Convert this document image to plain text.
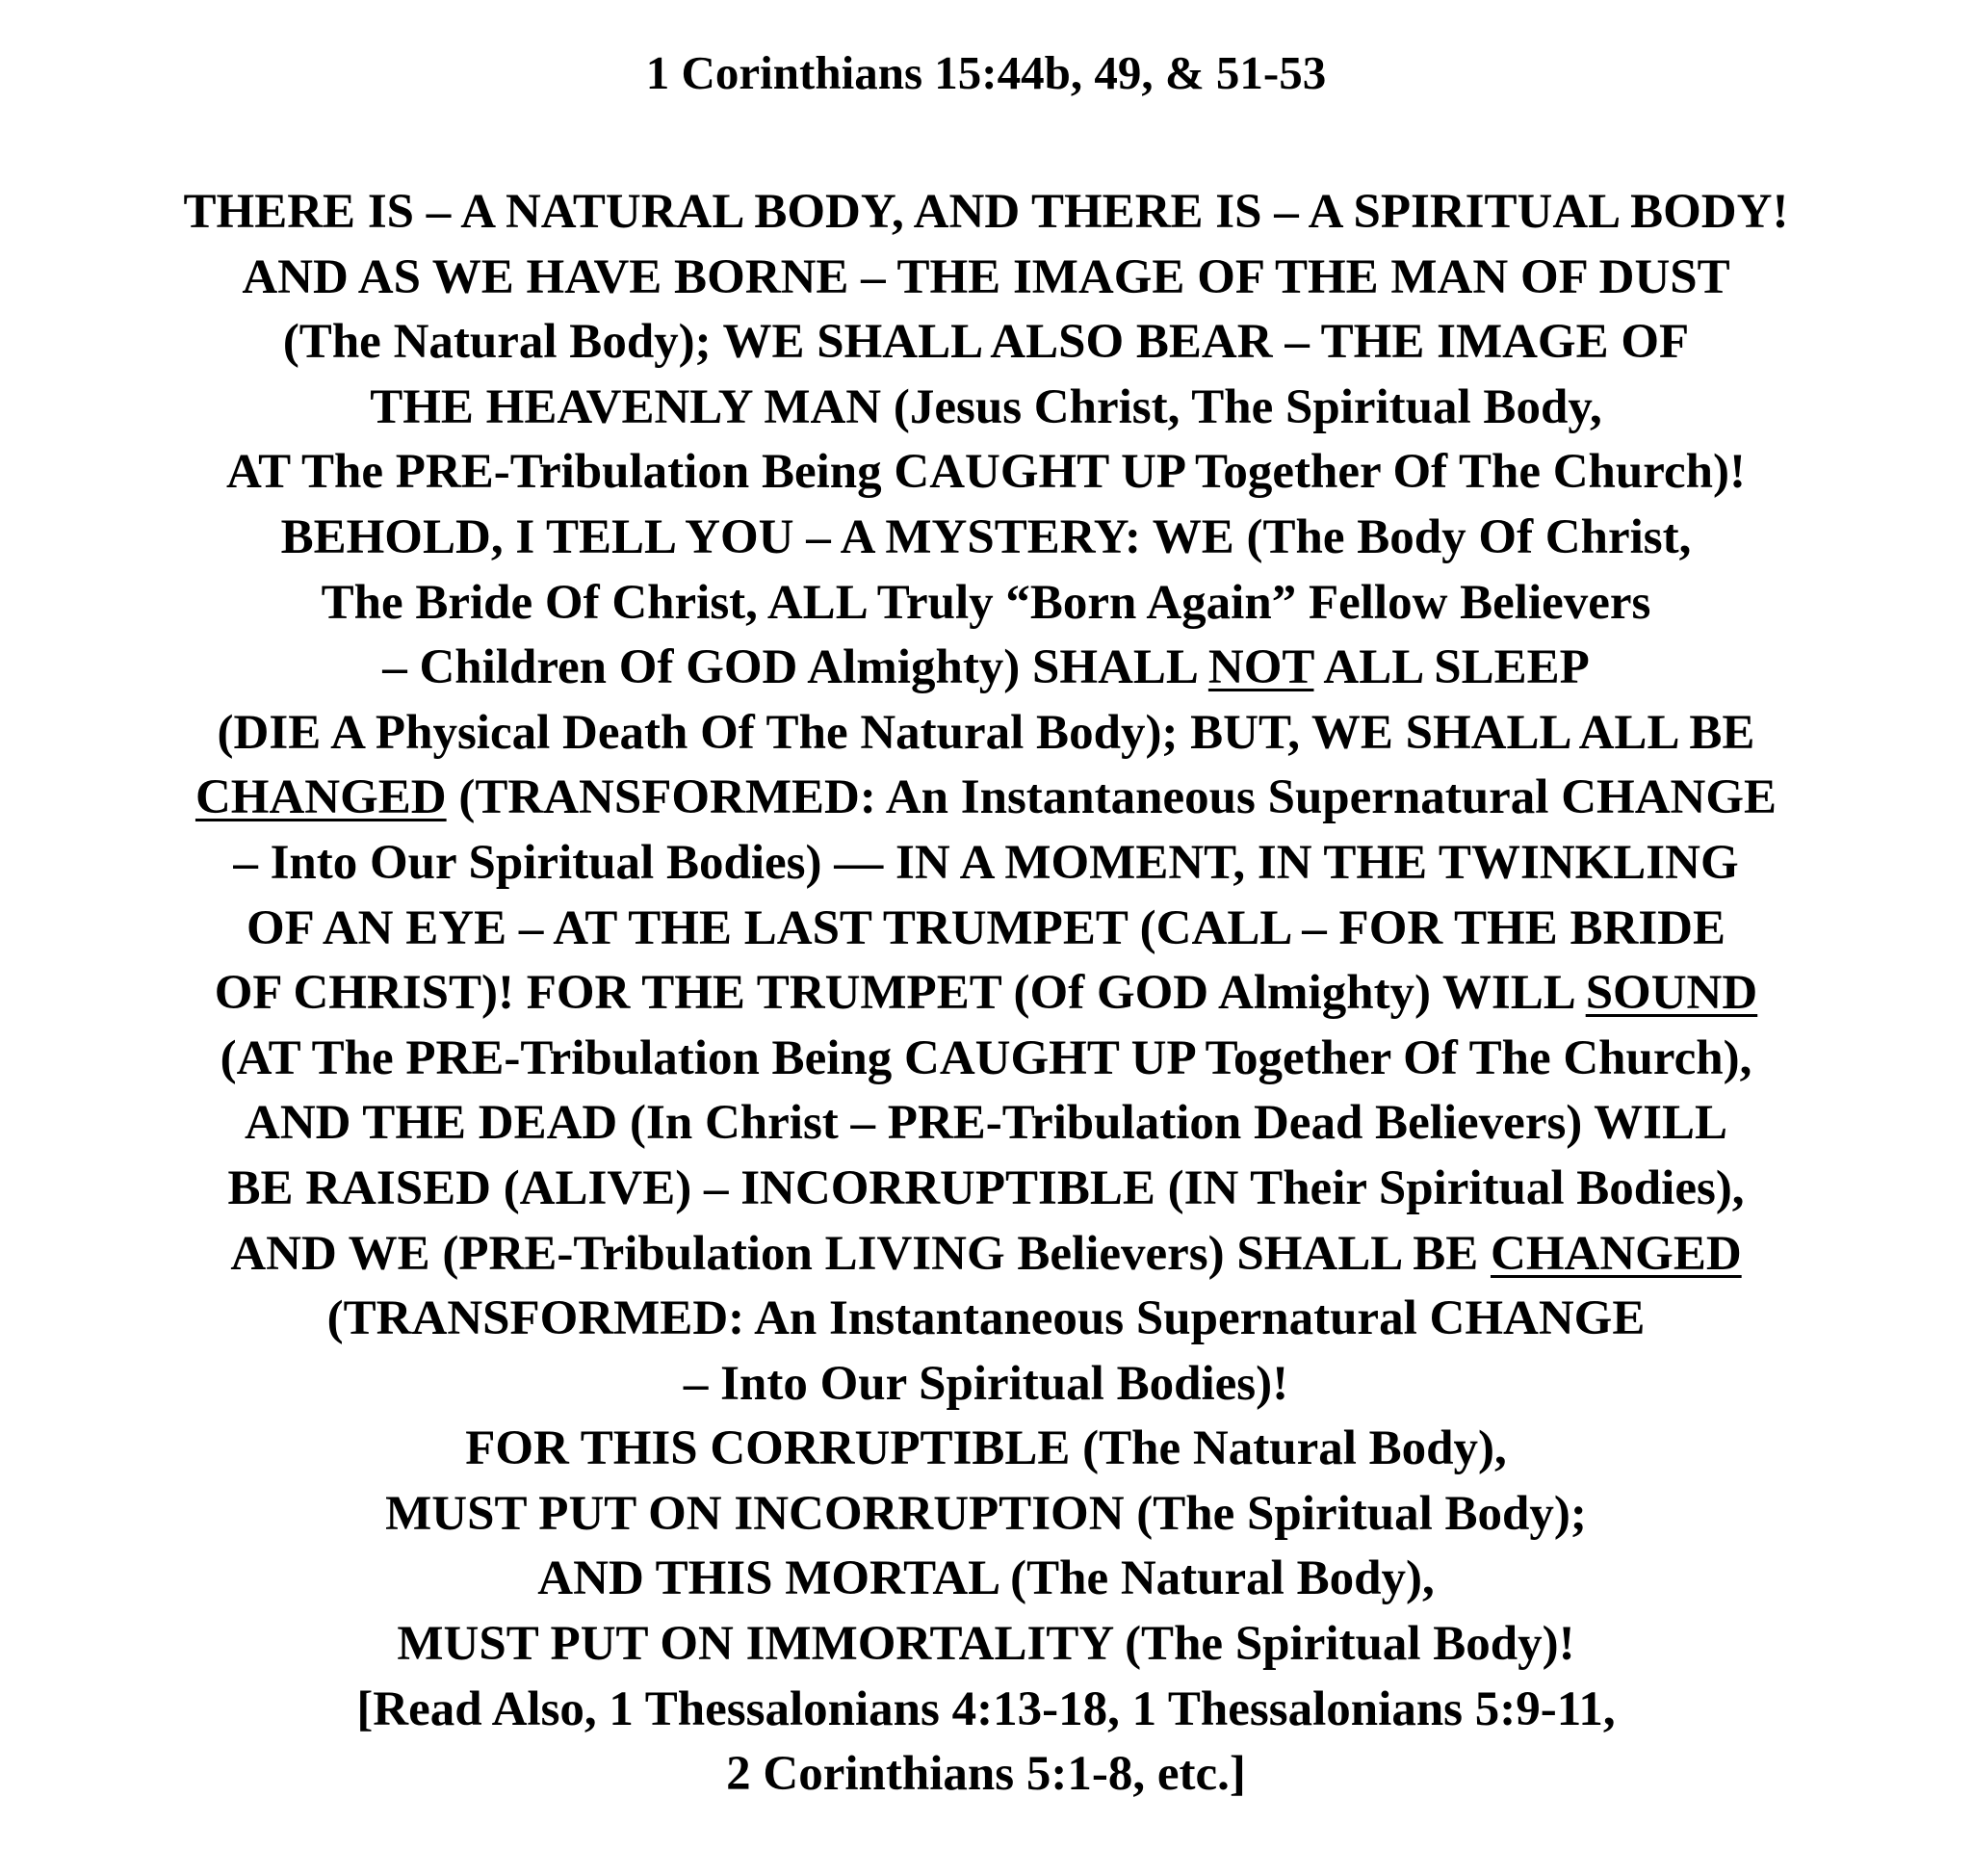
1 Corinthians 15:44b, 49, & 51-53
THERE IS – A NATURAL BODY, AND THERE IS – A SPIRITUAL BODY!
AND AS WE HAVE BORNE – THE IMAGE OF THE MAN OF DUST
(The Natural Body); WE SHALL ALSO BEAR – THE IMAGE OF
THE HEAVENLY MAN (Jesus Christ, The Spiritual Body,
AT The PRE-Tribulation Being CAUGHT UP Together Of The Church)!
BEHOLD, I TELL YOU – A MYSTERY: WE (The Body Of Christ,
The Bride Of Christ, ALL Truly “Born Again” Fellow Believers
– Children Of GOD Almighty) SHALL NOT ALL SLEEP
(DIE A Physical Death Of The Natural Body); BUT, WE SHALL ALL BE
CHANGED (TRANSFORMED: An Instantaneous Supernatural CHANGE
– Into Our Spiritual Bodies) — IN A MOMENT, IN THE TWINKLING
OF AN EYE – AT THE LAST TRUMPET (CALL – FOR THE BRIDE
OF CHRIST)! FOR THE TRUMPET (Of GOD Almighty) WILL SOUND
(AT The PRE-Tribulation Being CAUGHT UP Together Of The Church),
AND THE DEAD (In Christ – PRE-Tribulation Dead Believers) WILL
BE RAISED (ALIVE) – INCORRUPTIBLE (IN Their Spiritual Bodies),
AND WE (PRE-Tribulation LIVING Believers) SHALL BE CHANGED
(TRANSFORMED: An Instantaneous Supernatural CHANGE
– Into Our Spiritual Bodies)!
FOR THIS CORRUPTIBLE (The Natural Body),
MUST PUT ON INCORRUPTION (The Spiritual Body);
AND THIS MORTAL (The Natural Body),
MUST PUT ON IMMORTALITY (The Spiritual Body)!
[Read Also, 1 Thessalonians 4:13-18, 1 Thessalonians 5:9-11,
2 Corinthians 5:1-8, etc.]
